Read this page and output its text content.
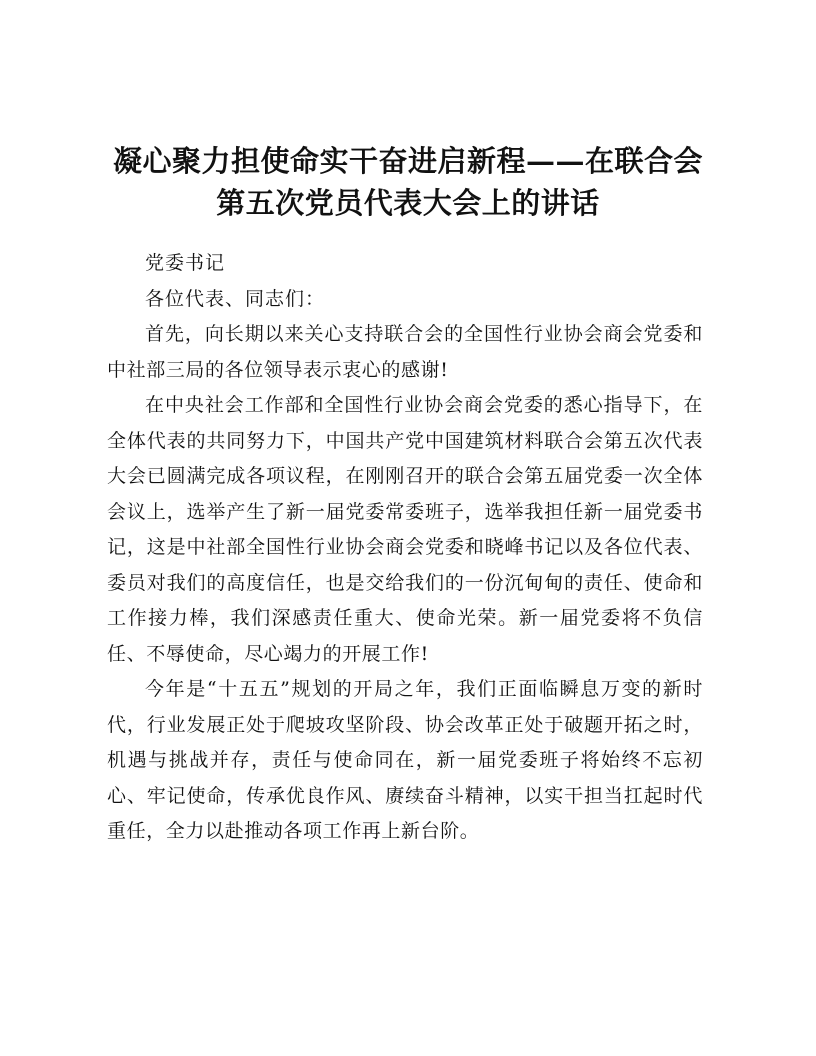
凝心聚力担使命实干奋进启新程——在联合会
第五次党员代表大会上的讲话

党委书记

各位代表、同志们：

首先，向长期以来关心支持联合会的全国性行业协会商会党委和中社部三局的各位领导表示衷心的感谢!

在中央社会工作部和全国性行业协会商会党委的悉心指导下，在全体代表的共同努力下，中国共产党中国建筑材料联合会第五次代表大会已圆满完成各项议程，在刚刚召开的联合会第五届党委一次全体会议上，选举产生了新一届党委常委班子，选举我担任新一届党委书记，这是中社部全国性行业协会商会党委和晓峰书记以及各位代表、委员对我们的高度信任，也是交给我们的一份沉甸甸的责任、使命和工作接力棒，我们深感责任重大、使命光荣。新一届党委将不负信任、不辱使命，尽心竭力的开展工作!

今年是“十五五”规划的开局之年，我们正面临瞬息万变的新时代，行业发展正处于爬坡攻坚阶段、协会改革正处于破题开拓之时，机遇与挑战并存，责任与使命同在，新一届党委班子将始终不忘初心、牢记使命，传承优良作风、赓续奋斗精神，以实干担当扛起时代重任，全力以赴推动各项工作再上新台阶。
